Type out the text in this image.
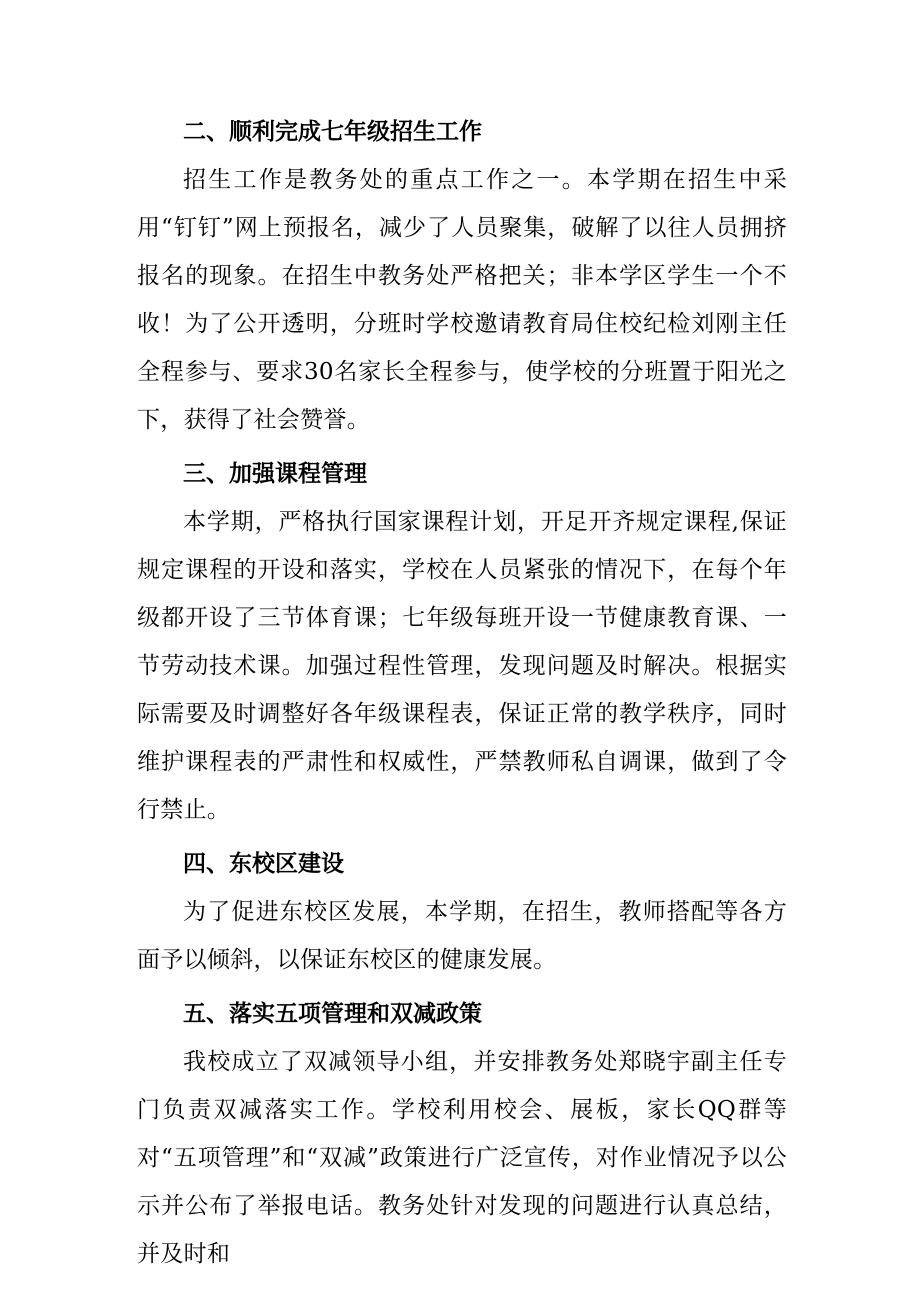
二、顺利完成七年级招生工作

招生工作是教务处的重点工作之一。本学期在招生中采用“钉钉”网上预报名，减少了人员聚集，破解了以往人员拥挤报名的现象。在招生中教务处严格把关；非本学区学生一个不收！为了公开透明，分班时学校邀请教育局住校纪检刘刚主任全程参与、要求30名家长全程参与，使学校的分班置于阳光之下，获得了社会赞誉。

三、加强课程管理

本学期，严格执行国家课程计划，开足开齐规定课程,保证规定课程的开设和落实，学校在人员紧张的情况下，在每个年级都开设了三节体育课；七年级每班开设一节健康教育课、一节劳动技术课。加强过程性管理，发现问题及时解决。根据实际需要及时调整好各年级课程表，保证正常的教学秩序，同时维护课程表的严肃性和权威性，严禁教师私自调课，做到了令行禁止。

四、东校区建设

为了促进东校区发展，本学期，在招生，教师搭配等各方面予以倾斜，以保证东校区的健康发展。

五、落实五项管理和双减政策

我校成立了双减领导小组，并安排教务处郑晓宇副主任专门负责双减落实工作。学校利用校会、展板，家长QQ群等对“五项管理”和“双减”政策进行广泛宣传，对作业情况予以公示并公布了举报电话。教务处针对发现的问题进行认真总结，并及时和
